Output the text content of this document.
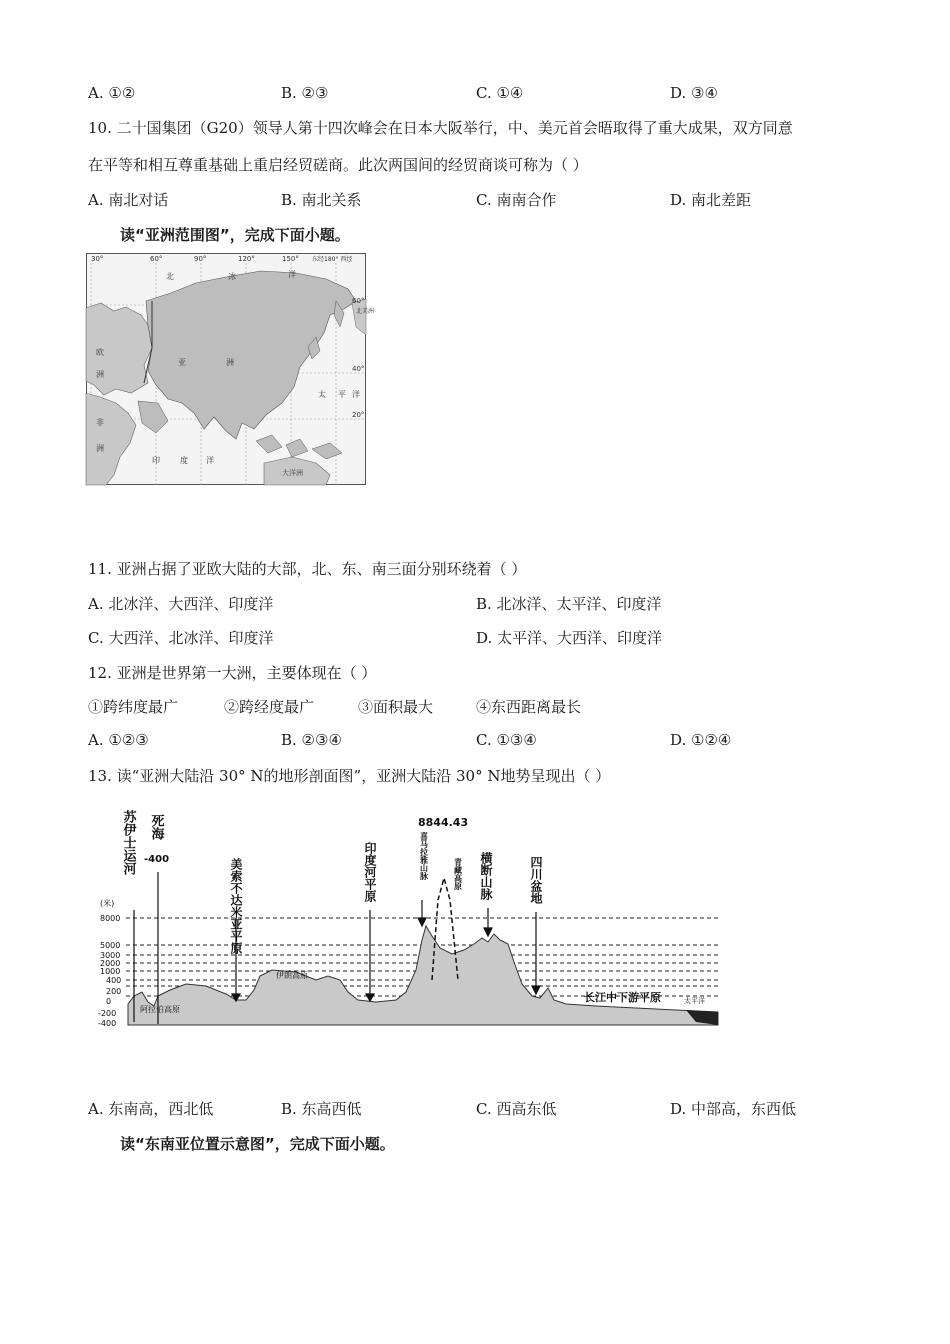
A. ①②	B. ②③	C. ①④	D. ③④
10. 二十国集团（G20）领导人第十四次峰会在日本大阪举行，中、美元首会晤取得了重大成果，双方同意
在平等和相互尊重基础上重启经贸磋商。此次两国间的经贸商谈可称为（ ）
A. 南北对话	B. 南北关系	C. 南南合作	D. 南北差距
读“亚洲范围图”，完成下面小题。
30°	60°	90°	120°	150° 东经180° 西经
60°
40°
20°
北	冰	洋
北美洲
欧
洲
亚	洲
太 平 洋
非
洲
印	度 洋
大洋洲
11. 亚洲占据了亚欧大陆的大部，北、东、南三面分别环绕着（ ）
A. 北冰洋、大西洋、印度洋	B. 北冰洋、太平洋、印度洋
C. 大西洋、北冰洋、印度洋	D. 太平洋、大西洋、印度洋
12. 亚洲是世界第一大洲，主要体现在（ ）
①跨纬度最广	②跨经度最广	③面积最大	④东西距离最长
A. ①②③	B. ②③④	C. ①③④	D. ①②④
13. 读“亚洲大陆沿 30° N的地形剖面图”，亚洲大陆沿 30° N地势呈现出（ ）
(米)
8000
5000
3000
2000
1000
400
200
0
-200
-400
苏伊士运河 死海
-400	美索不达米亚平原	印度河平原	喜马拉雅山脉
8844.43
青藏高原 横断山脉	四川盆地
阿拉伯高原
伊朗高原
长江中下游平原	太平洋
A. 东南高，西北低	B. 东高西低	C. 西高东低	D. 中部高，东西低
读“东南亚位置示意图”，完成下面小题。
